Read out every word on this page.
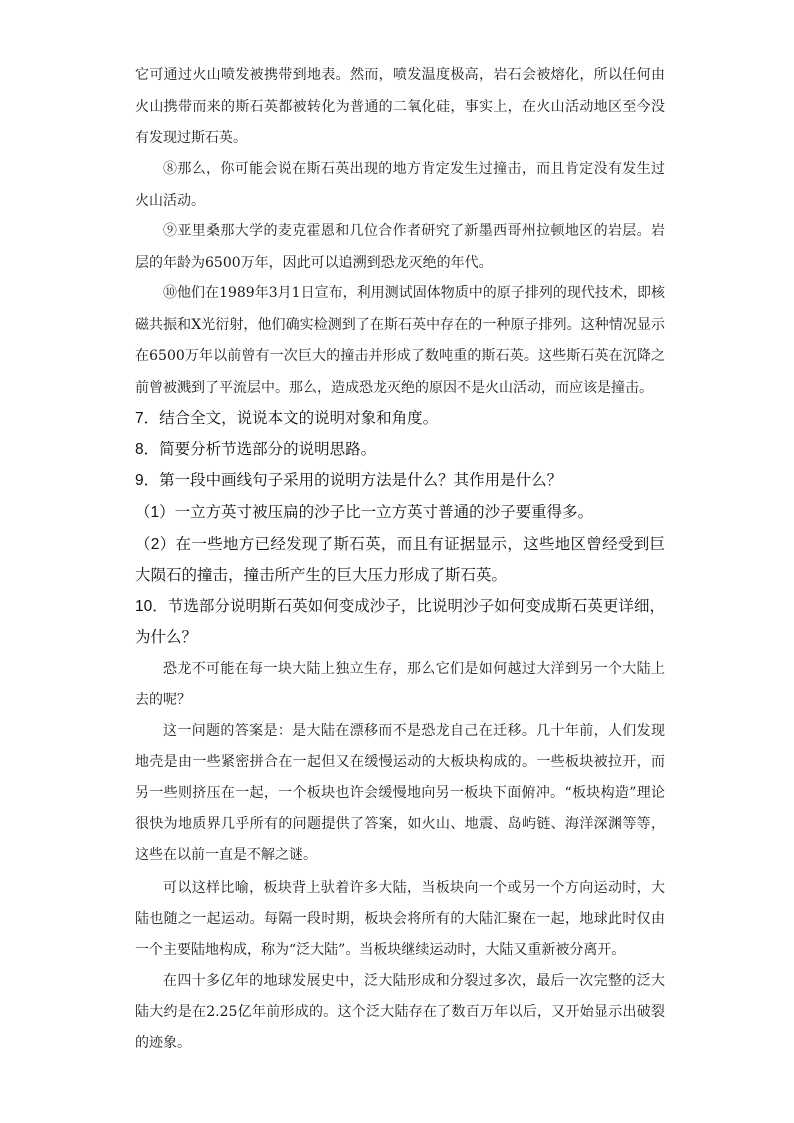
它可通过火山喷发被携带到地表。然而，喷发温度极高，岩石会被熔化，所以任何由火山携带而来的斯石英都被转化为普通的二氧化硅，事实上，在火山活动地区至今没有发现过斯石英。

⑧那么，你可能会说在斯石英出现的地方肯定发生过撞击，而且肯定没有发生过火山活动。

⑨亚里桑那大学的麦克霍恩和几位合作者研究了新墨西哥州拉顿地区的岩层。岩层的年龄为6500万年，因此可以追溯到恐龙灭绝的年代。

⑩他们在1989年3月1日宣布，利用测试固体物质中的原子排列的现代技术，即核磁共振和X光衍射，他们确实检测到了在斯石英中存在的一种原子排列。这种情况显示在6500万年以前曾有一次巨大的撞击并形成了数吨重的斯石英。这些斯石英在沉降之前曾被溅到了平流层中。那么，造成恐龙灭绝的原因不是火山活动，而应该是撞击。

7．结合全文，说说本文的说明对象和角度。

8．简要分析节选部分的说明思路。

9．第一段中画线句子采用的说明方法是什么？其作用是什么？

（1）一立方英寸被压扁的沙子比一立方英寸普通的沙子要重得多。

（2）在一些地方已经发现了斯石英，而且有证据显示，这些地区曾经受到巨大陨石的撞击，撞击所产生的巨大压力形成了斯石英。

10．节选部分说明斯石英如何变成沙子，比说明沙子如何变成斯石英更详细，为什么？

恐龙不可能在每一块大陆上独立生存，那么它们是如何越过大洋到另一个大陆上去的呢？

这一问题的答案是：是大陆在漂移而不是恐龙自己在迁移。几十年前，人们发现地壳是由一些紧密拼合在一起但又在缓慢运动的大板块构成的。一些板块被拉开，而另一些则挤压在一起，一个板块也许会缓慢地向另一板块下面俯冲。“板块构造”理论很快为地质界几乎所有的问题提供了答案，如火山、地震、岛屿链、海洋深渊等等，这些在以前一直是不解之谜。

可以这样比喻，板块背上驮着许多大陆，当板块向一个或另一个方向运动时，大陆也随之一起运动。每隔一段时期，板块会将所有的大陆汇聚在一起，地球此时仅由一个主要陆地构成，称为“泛大陆”。当板块继续运动时，大陆又重新被分离开。

在四十多亿年的地球发展史中，泛大陆形成和分裂过多次，最后一次完整的泛大陆大约是在2.25亿年前形成的。这个泛大陆存在了数百万年以后，又开始显示出破裂的迹象。
